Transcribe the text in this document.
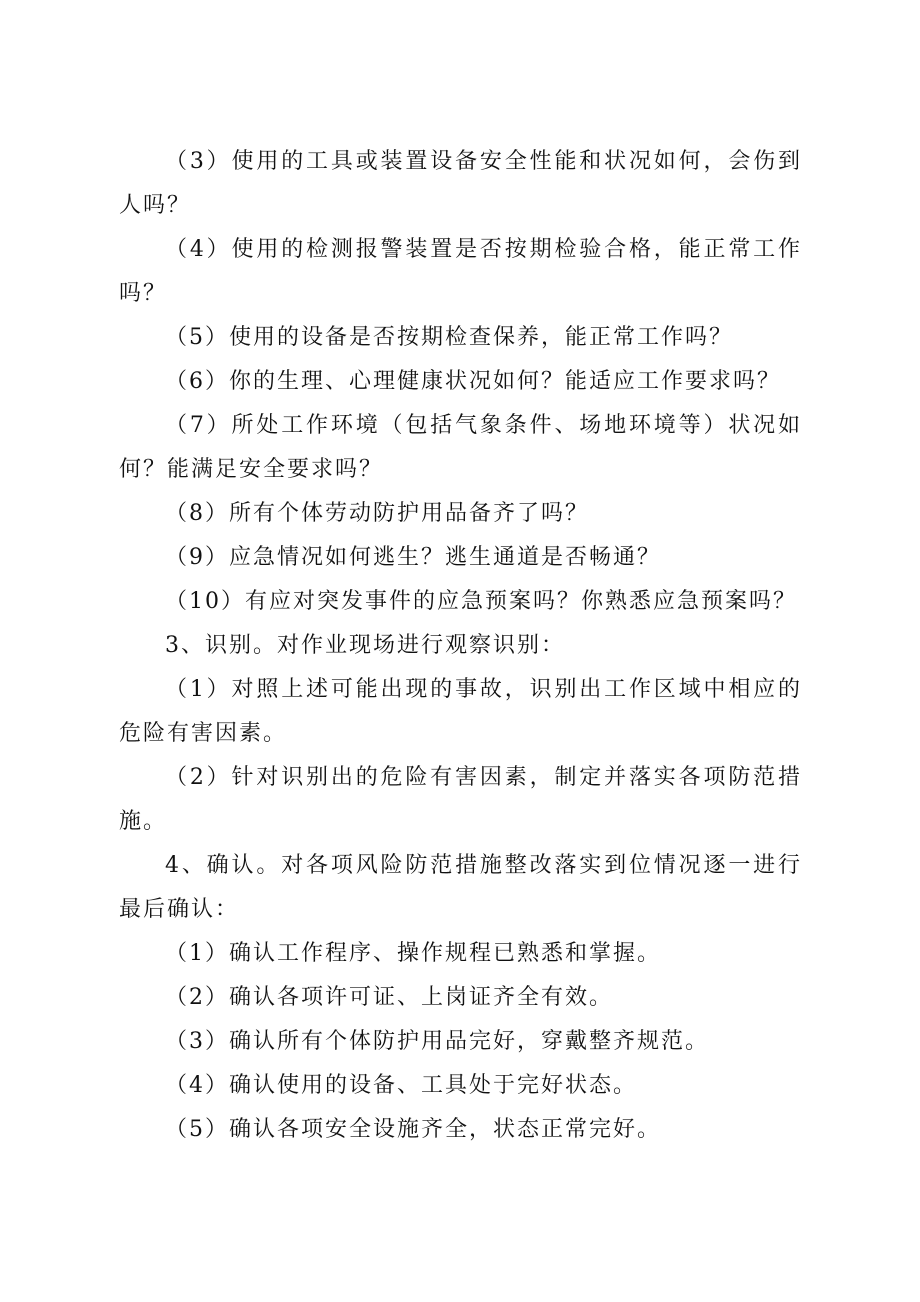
（3）使用的工具或装置设备安全性能和状况如何，会伤到人吗？

（4）使用的检测报警装置是否按期检验合格，能正常工作吗？

（5）使用的设备是否按期检查保养，能正常工作吗？

（6）你的生理、心理健康状况如何？能适应工作要求吗？

（7）所处工作环境（包括气象条件、场地环境等）状况如何？能满足安全要求吗？

（8）所有个体劳动防护用品备齐了吗？

（9）应急情况如何逃生？逃生通道是否畅通？

（10）有应对突发事件的应急预案吗？你熟悉应急预案吗？

3、识别。对作业现场进行观察识别：

（1）对照上述可能出现的事故，识别出工作区域中相应的危险有害因素。

（2）针对识别出的危险有害因素，制定并落实各项防范措施。

4、确认。对各项风险防范措施整改落实到位情况逐一进行最后确认：

（1）确认工作程序、操作规程已熟悉和掌握。

（2）确认各项许可证、上岗证齐全有效。

（3）确认所有个体防护用品完好，穿戴整齐规范。

（4）确认使用的设备、工具处于完好状态。

（5）确认各项安全设施齐全，状态正常完好。
